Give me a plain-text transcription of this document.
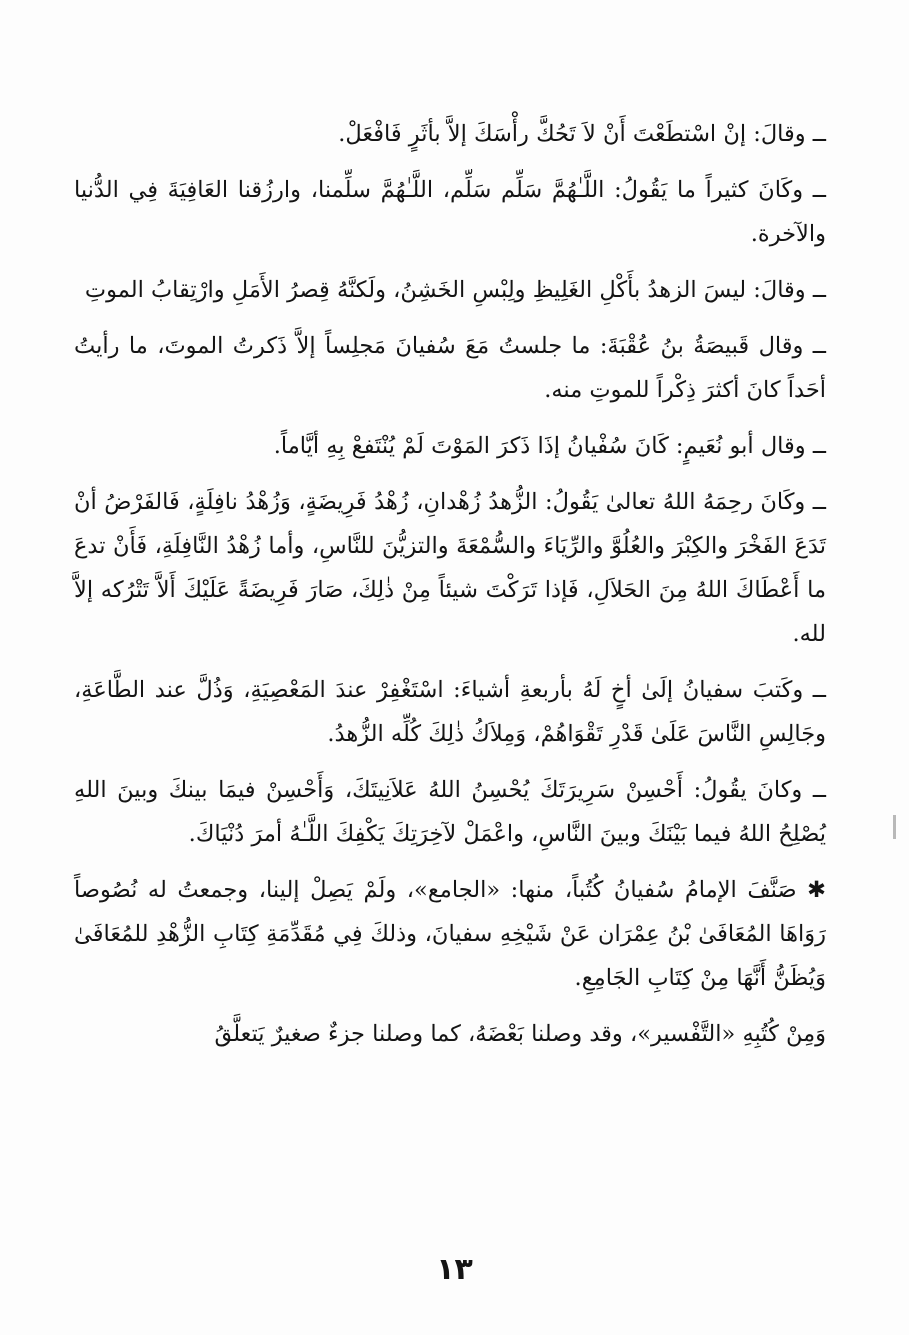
ــ وقالَ: إنْ اسْتطَعْتَ أَنْ لاَ تَحُكَّ رأْسَكَ إلاَّ بأثَرٍ فَافْعَلْ.

ــ وكَانَ كثيراً ما يَقُولُ: اللَّـٰهُمَّ سَلِّم سَلِّم، اللَّـٰهُمَّ سلِّمنا، وارزُقنا العَافِيَةَ فِي الدُّنيا والآخرة.

ــ وقالَ: ليسَ الزهدُ بأَكْلِ الغَلِيظِ ولِبْسِ الخَشِنُ، ولَكنَّهُ قِصرُ الأَمَلِ وارْتِقابُ الموتِ

ــ وقال قَبيصَةُ بنُ عُقْبَةَ: ما جلستُ مَعَ سُفيانَ مَجلِساً إلاَّ ذَكرتُ الموتَ، ما رأيتُ أحَداً كانَ أكثرَ ذِكْراً للموتِ منه.

ــ وقال أبو نُعَيمٍ: كَانَ سُفْيانُ إذَا ذَكرَ المَوْتَ لَمْ يُنْتَفعْ بِهِ أيَّاماً.

ــ وكَانَ رحِمَهُ اللهُ تعالىٰ يَقُولُ: الزُّهدُ زُهْدانِ، زُهْدُ فَرِيضَةٍ، وَزُهْدُ نافِلَةٍ، فَالفَرْضُ أنْ تَدَعَ الفَخْرَ والكِبْرَ والعُلُوَّ والرِّيَاءَ والسُّمْعَةَ والتزيُّنَ للنَّاسِ، وأما زُهْدُ النَّافِلَةِ، فَأَنْ تدعَ ما أَعْطَاكَ اللهُ مِنَ الحَلاَلِ، فَإذا تَرَكْتَ شيئاً مِنْ ذٰلِكَ، صَارَ فَرِيضَةً عَلَيْكَ أَلاَّ تَتْرُكه إلاَّ لله.

ــ وكَتبَ سفيانُ إلَىٰ أخٍ لَهُ بأربعةِ أشياءَ: اسْتَغْفِرْ عندَ المَعْصِيَةِ، وَذُلَّ عند الطَّاعَةِ، وجَالِسِ النَّاسَ عَلَىٰ قَدْرِ تَقْوَاهُمْ، وَمِلاَكُ ذٰلِكَ كُلِّه الزُّهدُ.

ــ وكانَ يقُولُ: أَحْسِنْ سَرِيرَتَكَ يُحْسِنُ اللهُ عَلاَنِيتَكَ، وَأَحْسِنْ فيمَا بينكَ وبينَ اللهِ يُصْلِحُ اللهُ فيما بَيْنَكَ وبينَ النَّاسِ، واعْمَلْ لآخِرَتِكَ يَكْفِكَ اللَّـٰهُ أمرَ دُنْيَاكَ.

✱ صَنَّفَ الإمامُ سُفيانُ كُتُباً، منها: «الجامع»، ولَمْ يَصِلْ إلينا، وجمعتُ له نُصُوصاً رَوَاهَا المُعَافَىٰ بْنُ عِمْرَان عَنْ شَيْخِهِ سفيانَ، وذلكَ فِي مُقَدِّمَةِ كِتَابِ الزُّهْدِ للمُعَافَىٰ وَيُظَنُّ أَنَّهَا مِنْ كِتَابِ الجَامِعِ.

وَمِنْ كُتُبِهِ «التَّفْسير»، وقد وصلنا بَعْضَهُ، كما وصلنا جزءٌ صغيرٌ يَتعلَّقُ

١٣
